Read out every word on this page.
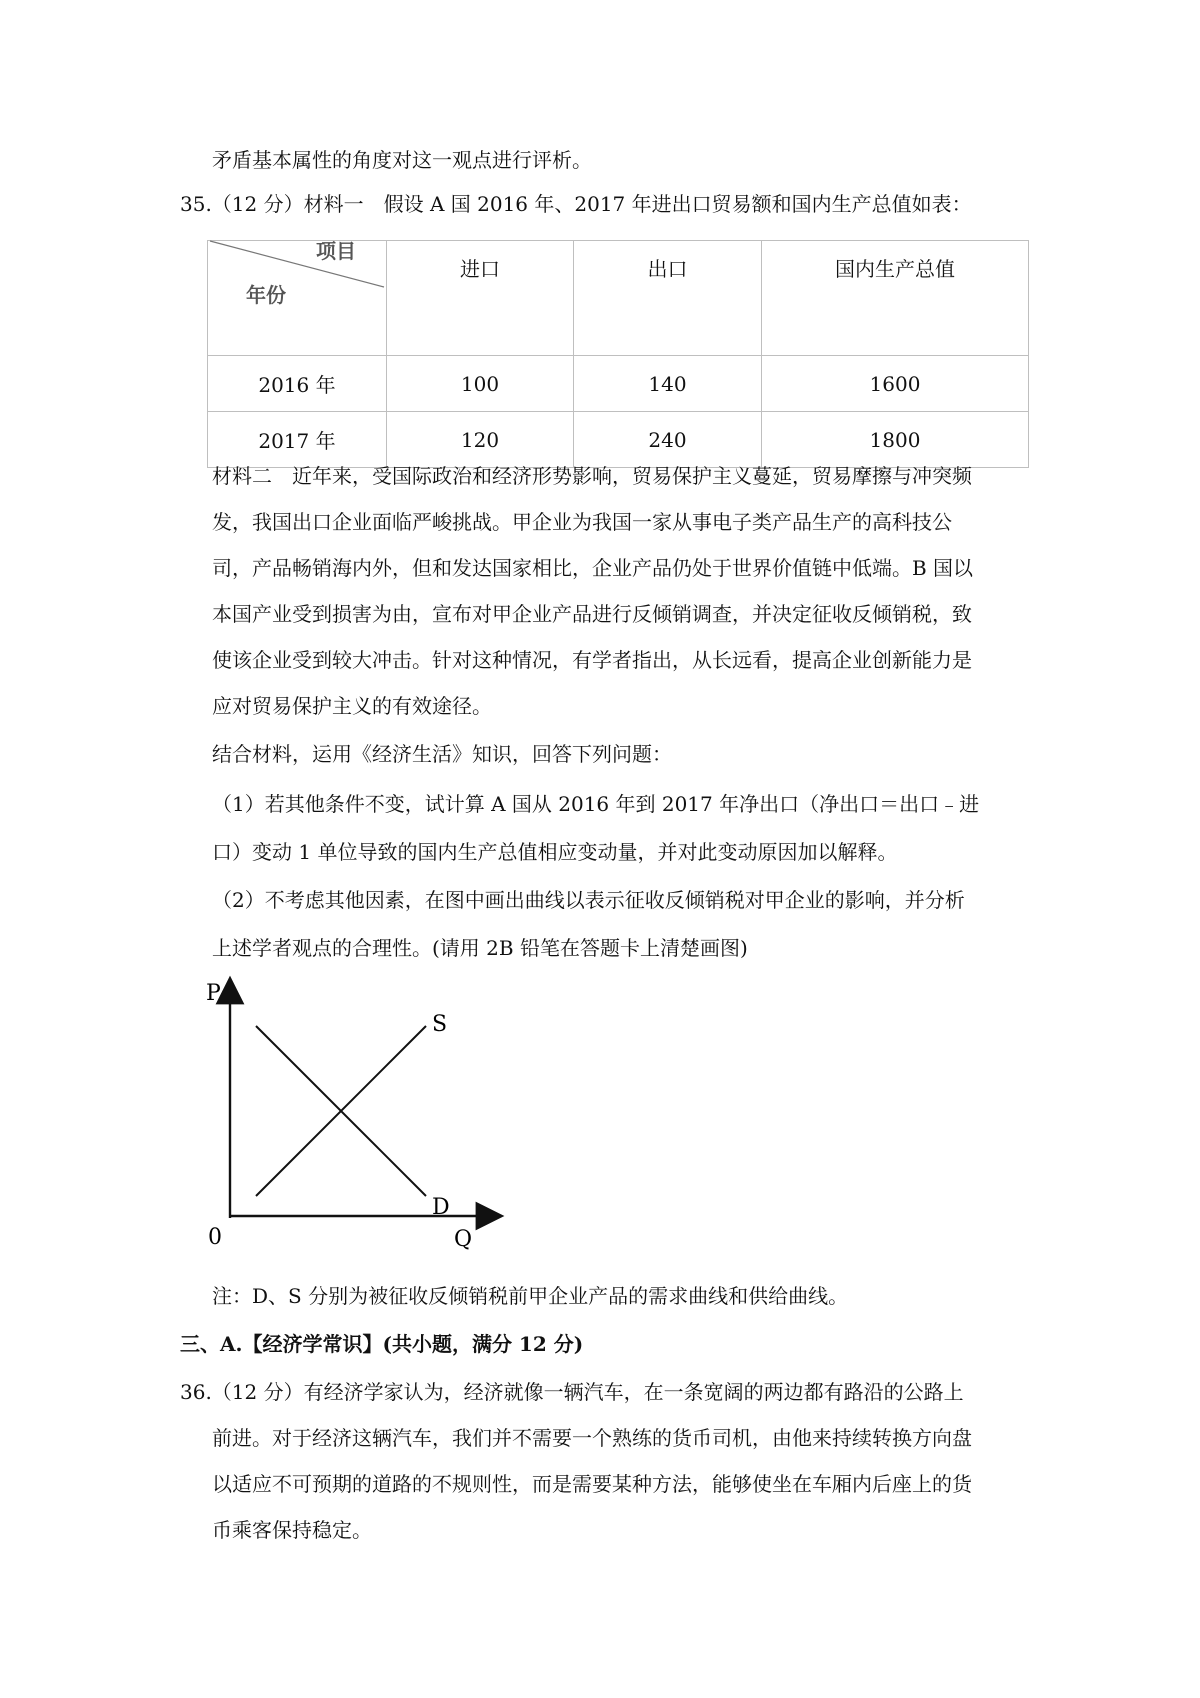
矛盾基本属性的角度对这一观点进行评析。
35.（12 分）材料一　假设 A 国 2016 年、2017 年进出口贸易额和国内生产总值如表：
项目
年份	进口	出口	国内生产总值
2016 年	100	140	1600
2017 年	120	240	1800
材料二　近年来，受国际政治和经济形势影响，贸易保护主义蔓延，贸易摩擦与冲突频
发，我国出口企业面临严峻挑战。甲企业为我国一家从事电子类产品生产的高科技公
司，产品畅销海内外，但和发达国家相比，企业产品仍处于世界价值链中低端。B 国以
本国产业受到损害为由，宣布对甲企业产品进行反倾销调查，并决定征收反倾销税，致
使该企业受到较大冲击。针对这种情况，有学者指出，从长远看，提高企业创新能力是
应对贸易保护主义的有效途径。
结合材料，运用《经济生活》知识，回答下列问题：
（1）若其他条件不变，试计算 A 国从 2016 年到 2017 年净出口（净出口＝出口﹣进
口）变动 1 单位导致的国内生产总值相应变动量，并对此变动原因加以解释。
（2）不考虑其他因素，在图中画出曲线以表示征收反倾销税对甲企业的影响，并分析
上述学者观点的合理性。(请用 2B 铅笔在答题卡上清楚画图)
P
S
D
0	Q
注：D、S 分别为被征收反倾销税前甲企业产品的需求曲线和供给曲线。
三、A.【经济学常识】(共小题，满分 12 分)
36.（12 分）有经济学家认为，经济就像一辆汽车，在一条宽阔的两边都有路沿的公路上
前进。对于经济这辆汽车，我们并不需要一个熟练的货币司机，由他来持续转换方向盘
以适应不可预期的道路的不规则性，而是需要某种方法，能够使坐在车厢内后座上的货
币乘客保持稳定。
